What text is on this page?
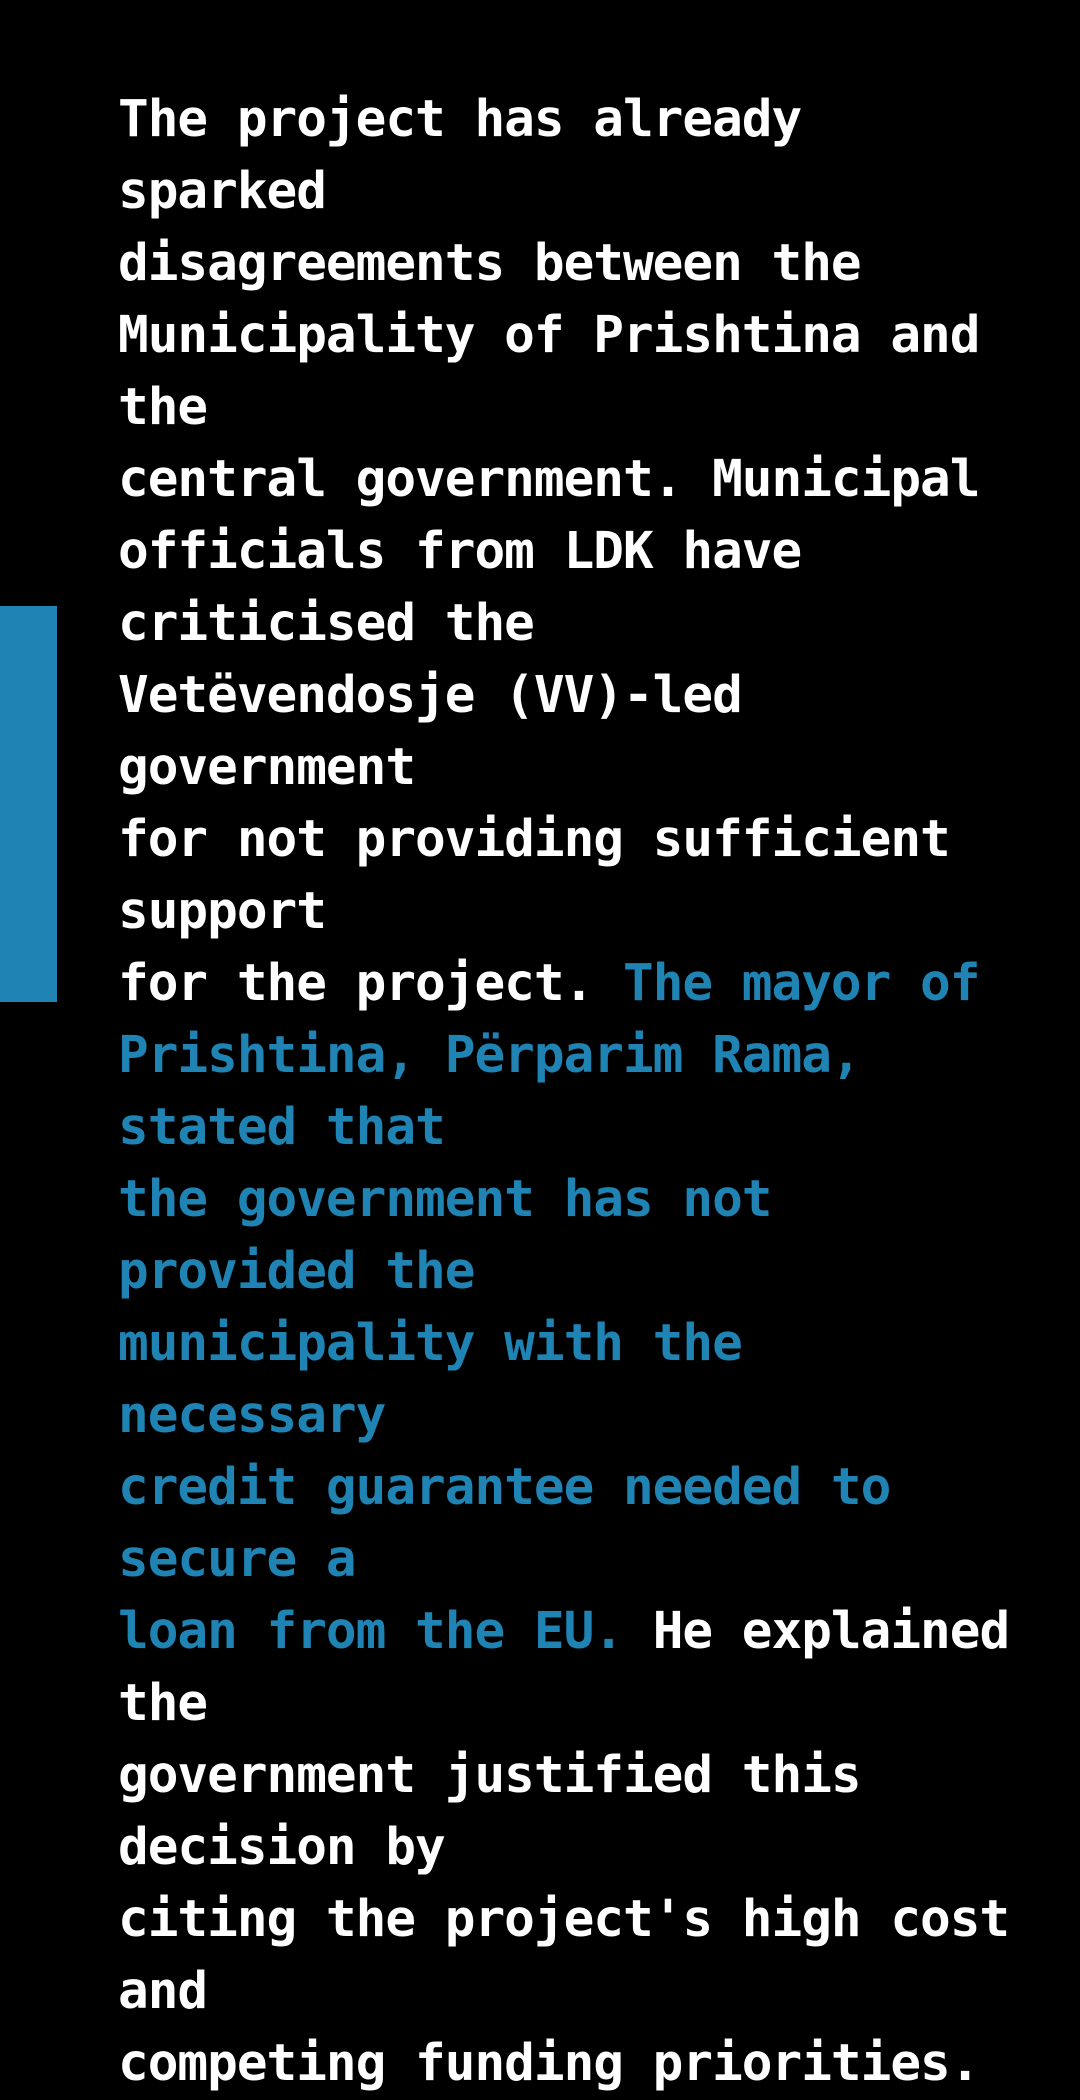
The project has already sparked
disagreements between the
Municipality of Prishtina and the
central government. Municipal
officials from LDK have criticised the
Vetëvendosje (VV)-led government
for not providing sufficient support
for the project. The mayor of
Prishtina, Përparim Rama, stated that
the government has not provided the
municipality with the necessary
credit guarantee needed to secure a
loan from the EU. He explained the
government justified this decision by
citing the project's high cost and
competing funding priorities.
